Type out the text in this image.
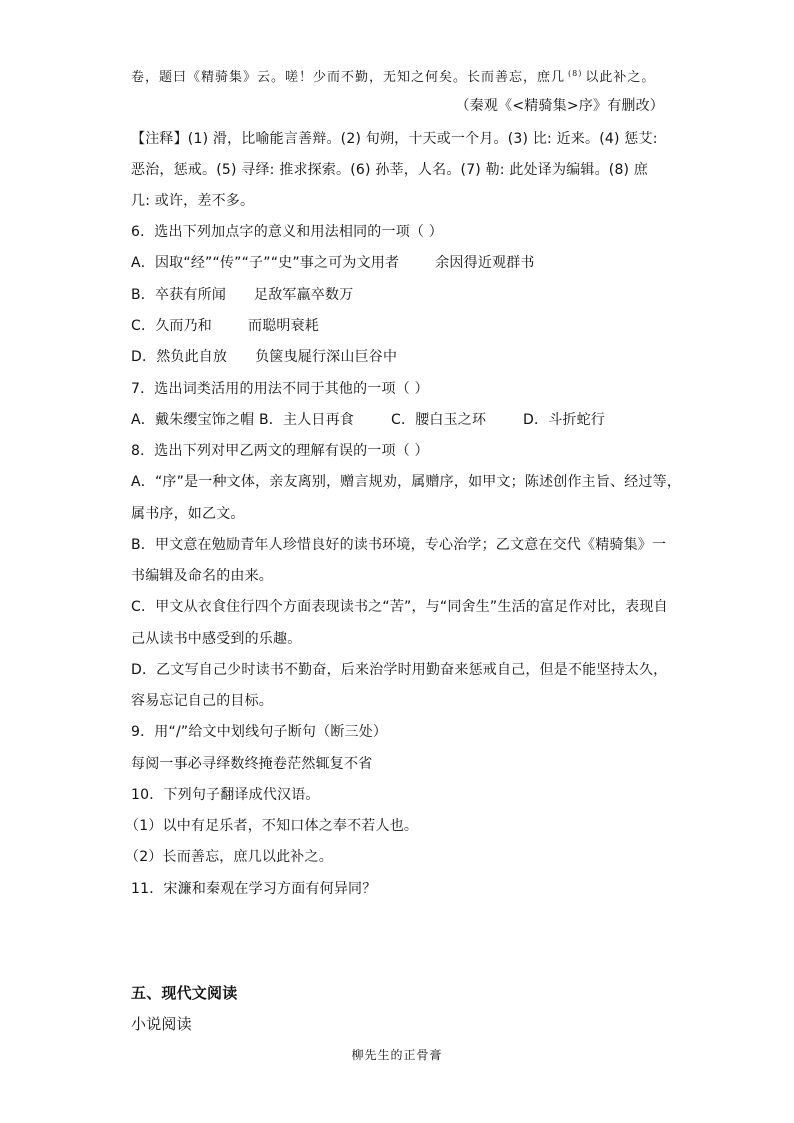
卷，题曰《精骑集》云。嗟！少而不勤，无知之何矣。长而善忘，庶几 $^{(8)}$ 以此补之。
（秦观《<精骑集>序》有删改）
【注释】(1) 滑，比喻能言善辩。(2) 旬朔，十天或一个月。(3) 比: 近来。(4) 惩艾:
恶治，惩戒。(5) 寻绎: 推求探索。(6) 孙莘，人名。(7) 勒: 此处译为编辑。(8) 庶
几: 或许，差不多。
6．选出下列加点字的意义和用法相同的一项（ ）
A．因取“经”“传”“子”“史”事之可为文用者	余因得近观群书
B．卒获有所闻 足敌军羸卒数万
C．久而乃和	而聪明衰耗
D．然负此自放 负箧曳屣行深山巨谷中
7．选出词类活用的用法不同于其他的一项（ ）
A．戴朱缨宝饰之帽 B．主人日再食	C．腰白玉之环	D．斗折蛇行
8．选出下列对甲乙两文的理解有误的一项（ ）
A．“序”是一种文体，亲友离别，赠言规劝，属赠序，如甲文；陈述创作主旨、经过等，
属书序，如乙文。
B．甲文意在勉励青年人珍惜良好的读书环境，专心治学；乙文意在交代《精骑集》一
书编辑及命名的由来。
C．甲文从衣食住行四个方面表现读书之“苦”，与“同舍生”生活的富足作对比，表现自
己从读书中感受到的乐趣。
D．乙文写自己少时读书不勤奋，后来治学时用勤奋来惩戒自己，但是不能坚持太久，
容易忘记自己的目标。
9．用“/”给文中划线句子断句（断三处）
每阅一事必寻绎数终掩卷茫然辄复不省
10．下列句子翻译成代汉语。
（1）以中有足乐者，不知口体之奉不若人也。
（2）长而善忘，庶几以此补之。
11．宋濂和秦观在学习方面有何异同？
五、现代文阅读
小说阅读
柳先生的正骨膏
